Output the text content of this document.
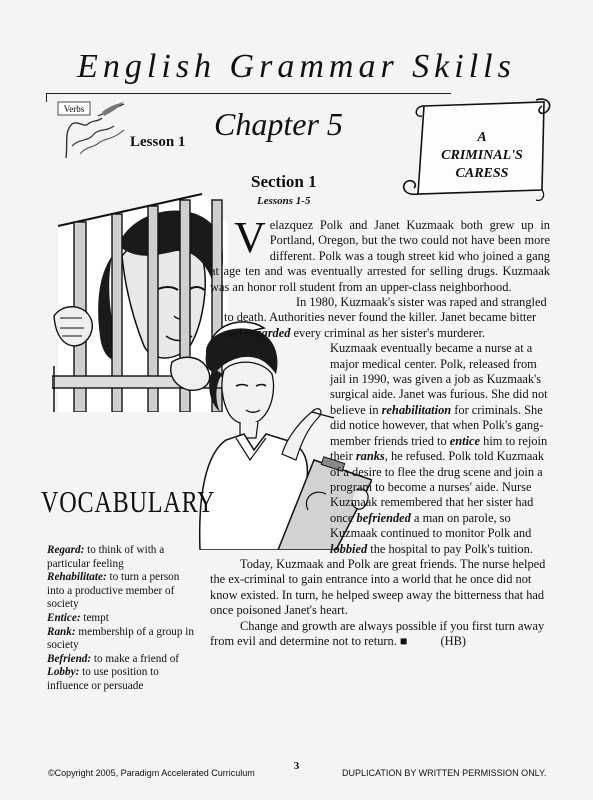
English Grammar Skills
Verbs	Chapter 5
Lesson 1
Section 1
Lessons 1-5
A
CRIMINAL'S
CARESS
V elazquez Polk and Janet Kuzmaak both grew up in Portland, Oregon, but the two could not have been more different. Polk was a tough street kid who joined a gang at age ten and was eventually arrested for selling drugs. Kuzmaak was an honor roll student from an upper-class neighborhood.

In 1980, Kuzmaak's sister was raped and strangled to death. Authorities never found the killer. Janet became bitter and regarded every criminal as her sister's murderer.

Kuzmaak eventually became a nurse at a major medical center. Polk, released from jail in 1990, was given a job as Kuzmaak's surgical aide. Janet was furious. She did not believe in rehabilitation for criminals. She did notice however, that when Polk's gang-member friends tried to entice him to rejoin their ranks, he refused. Polk told Kuzmaak of a desire to flee the drug scene and join a program to become a nurses' aide. Nurse Kuzmaak remembered that her sister had once befriended a man on parole, so Kuzmaak continued to monitor Polk and lobbied the hospital to pay Polk's tuition.

Today, Kuzmaak and Polk are great friends. The nurse helped the ex-criminal to gain entrance into a world that he once did not know existed. In turn, he helped sweep away the bitterness that had once poisoned Janet's heart.

Change and growth are always possible if you first turn away from evil and determine not to return. ■	(HB)

VOCABULARY

Regard: to think of with a particular feeling

Rehabilitate: to turn a person into a productive member of society

Entice: tempt

Rank: membership of a group in society

Befriend: to make a friend of

Lobby: to use position to influence or persuade

3
©Copyright 2005, Paradigm Accelerated Curriculum	DUPLICATION BY WRITTEN PERMISSION ONLY.
